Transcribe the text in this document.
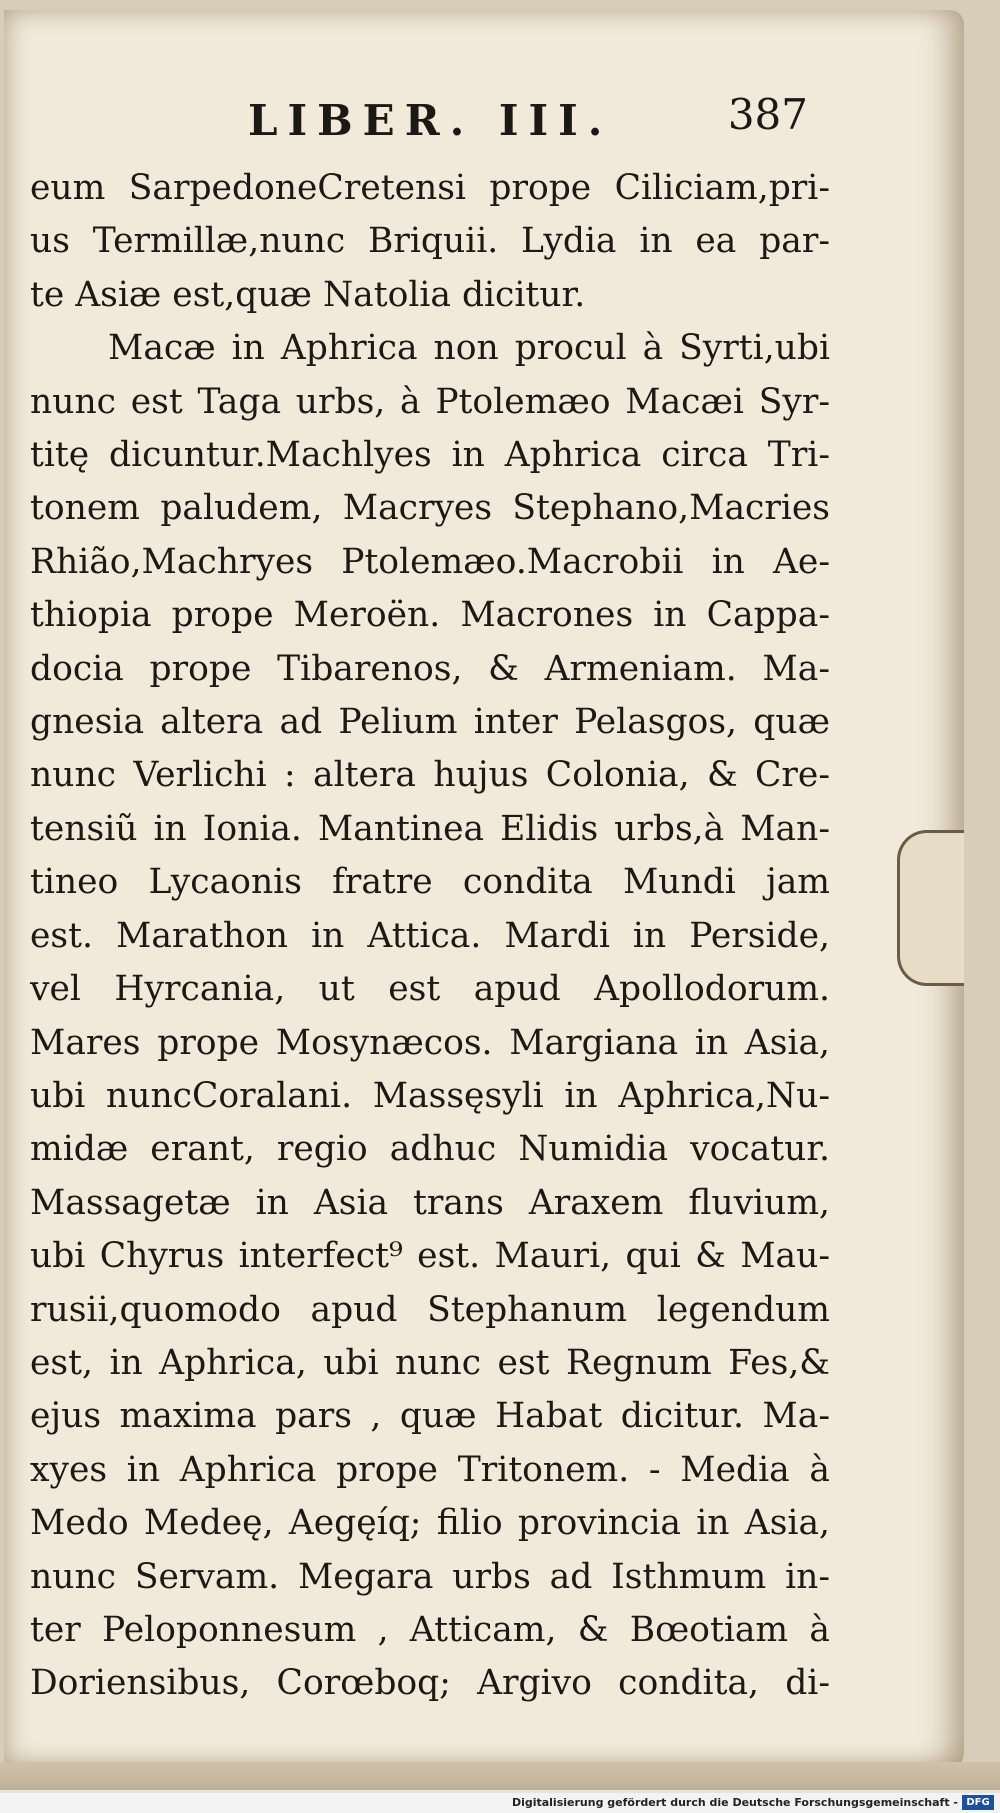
LIBER. III.	387
eum SarpedoneCretensi prope Ciliciam,pri-
us Termillæ,nunc Briquii. Lydia in ea par-
te Asiæ est,quæ Natolia dicitur.
Macæ in Aphrica non procul à Syrti,ubi
nunc est Taga urbs, à Ptolemæo Macæi Syr-
titę dicuntur.Machlyes in Aphrica circa Tri-
tonem paludem, Macryes Stephano,Macries
Rhião,Machryes Ptolemæo.Macrobii in Ae-
thiopia prope Meroën. Macrones in Cappa-
docia prope Tibarenos, & Armeniam. Ma-
gnesia altera ad Pelium inter Pelasgos, quæ
nunc Verlichi : altera hujus Colonia, & Cre-
tensiũ in Ionia. Mantinea Elidis urbs,à Man-
tineo Lycaonis fratre condita Mundi jam
est. Marathon in Attica. Mardi in Perside,
vel Hyrcania, ut est apud Apollodorum.
Mares prope Mosynæcos. Margiana in Asia,
ubi nuncCoralani. Massęsyli in Aphrica,Nu-
midæ erant, regio adhuc Numidia vocatur.
Massagetæ in Asia trans Araxem fluvium,
ubi Chyrus interfect⁹ est. Mauri, qui & Mau-
rusii,quomodo apud Stephanum legendum
est, in Aphrica, ubi nunc est Regnum Fes,&
ejus maxima pars , quæ Habat dicitur. Ma-
xyes in Aphrica prope Tritonem. - Media à
Medo Medeę, Aegęíq; filio provincia in Asia,
nunc Servam. Megara urbs ad Isthmum in-
ter Peloponnesum , Atticam, & Bœotiam à
Doriensibus, Corœboq; Argivo condita, di-
Digitalisierung gefördert durch die Deutsche Forschungsgemeinschaft - DFG
